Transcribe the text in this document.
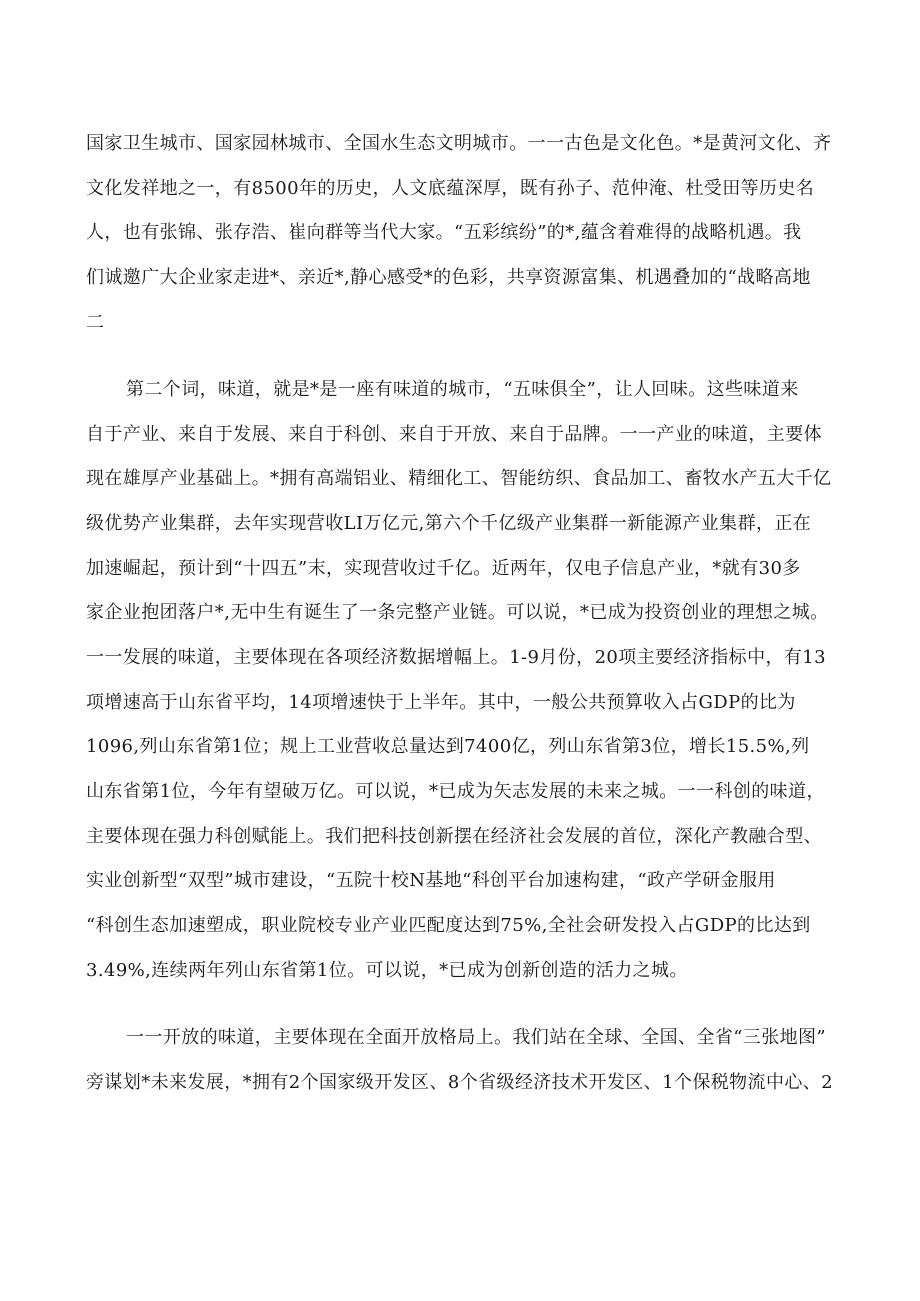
国家卫生城市、国家园林城市、全国水生态文明城市。一一古色是文化色。*是黄河文化、齐
文化发祥地之一，有8500年的历史，人文底蕴深厚，既有孙子、范仲淹、杜受田等历史名
人，也有张锦、张存浩、崔向群等当代大家。“五彩缤纷”的*,蕴含着难得的战略机遇。我
们诚邀广大企业家走进*、亲近*,静心感受*的色彩，共享资源富集、机遇叠加的“战略高地
二
第二个词，味道，就是*是一座有味道的城市，“五味俱全”，让人回味。这些味道来
自于产业、来自于发展、来自于科创、来自于开放、来自于品牌。一一产业的味道，主要体
现在雄厚产业基础上。*拥有高端铝业、精细化工、智能纺织、食品加工、畜牧水产五大千亿
级优势产业集群，去年实现营收LI万亿元,第六个千亿级产业集群一新能源产业集群，正在
加速崛起，预计到“十四五”末，实现营收过千亿。近两年，仅电子信息产业，*就有30多
家企业抱团落户*,无中生有诞生了一条完整产业链。可以说，*已成为投资创业的理想之城。
一一发展的味道，主要体现在各项经济数据增幅上。1-9月份，20项主要经济指标中，有13
项增速高于山东省平均，14项增速快于上半年。其中，一般公共预算收入占GDP的比为
1096,列山东省第1位；规上工业营收总量达到7400亿，列山东省第3位，增长15.5%,列
山东省第1位，今年有望破万亿。可以说，*已成为矢志发展的未来之城。一一科创的味道，
主要体现在强力科创赋能上。我们把科技创新摆在经济社会发展的首位，深化产教融合型、
实业创新型“双型”城市建设，“五院十校N基地“科创平台加速构建，“政产学研金服用
“科创生态加速塑成，职业院校专业产业匹配度达到75%,全社会研发投入占GDP的比达到
3.49%,连续两年列山东省第1位。可以说，*已成为创新创造的活力之城。
一一开放的味道，主要体现在全面开放格局上。我们站在全球、全国、全省“三张地图”
旁谋划*未来发展，*拥有2个国家级开发区、8个省级经济技术开发区、1个保税物流中心、2
